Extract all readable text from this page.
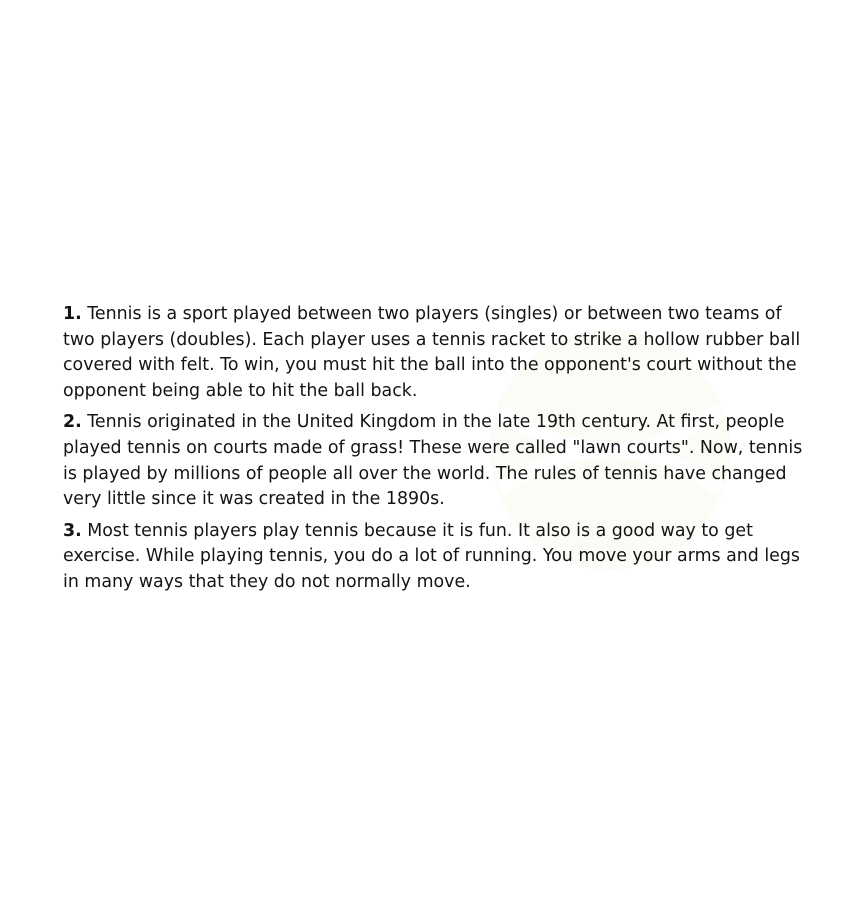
1. Tennis is a sport played between two players (singles) or between two teams of two players (doubles). Each player uses a tennis racket to strike a hollow rubber ball covered with felt. To win, you must hit the ball into the opponent's court without the opponent being able to hit the ball back.

2. Tennis originated in the United Kingdom in the late 19th century. At first, people played tennis on courts made of grass! These were called "lawn courts". Now, tennis is played by millions of people all over the world. The rules of tennis have changed very little since it was created in the 1890s.

3. Most tennis players play tennis because it is fun. It also is a good way to get exercise. While playing tennis, you do a lot of running. You move your arms and legs in many ways that they do not normally move.
